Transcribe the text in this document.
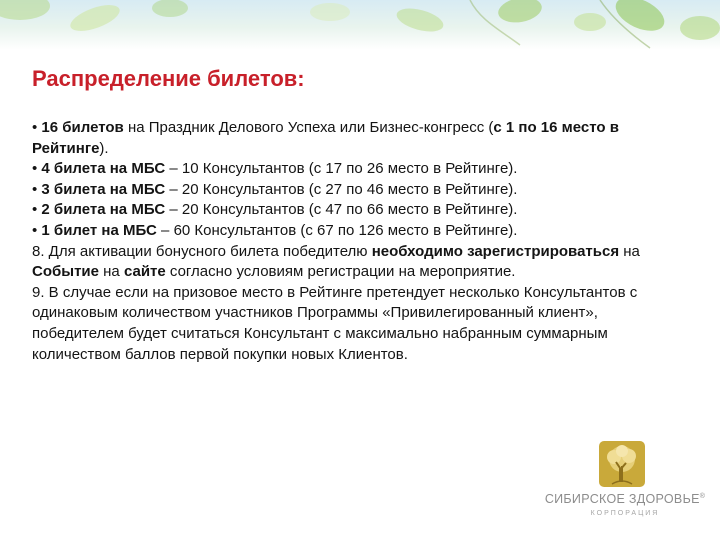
Распределение билетов:

• 16 билетов на Праздник Делового Успеха или Бизнес-конгресс (с 1 по 16 место в Рейтинге).

• 4 билета на МБС – 10 Консультантов (с 17 по 26 место в Рейтинге).

• 3 билета на МБС – 20 Консультантов (с 27 по 46 место в Рейтинге).

• 2 билета на МБС – 20 Консультантов (с 47 по 66 место в Рейтинге).

• 1 билет на МБС – 60 Консультантов (с 67 по 126 место в Рейтинге).

8. Для активации бонусного билета победителю необходимо зарегистрироваться на Событие на сайте согласно условиям регистрации на мероприятие.

9. В случае если на призовое место в Рейтинге претендует несколько Консультантов с одинаковым количеством участников Программы «Привилегированный клиент», победителем будет считаться Консультант с максимально набранным суммарным количеством баллов первой покупки новых Клиентов.

СИБИРСКОЕ ЗДОРОВЬЕ®
КОРПОРАЦИЯ
